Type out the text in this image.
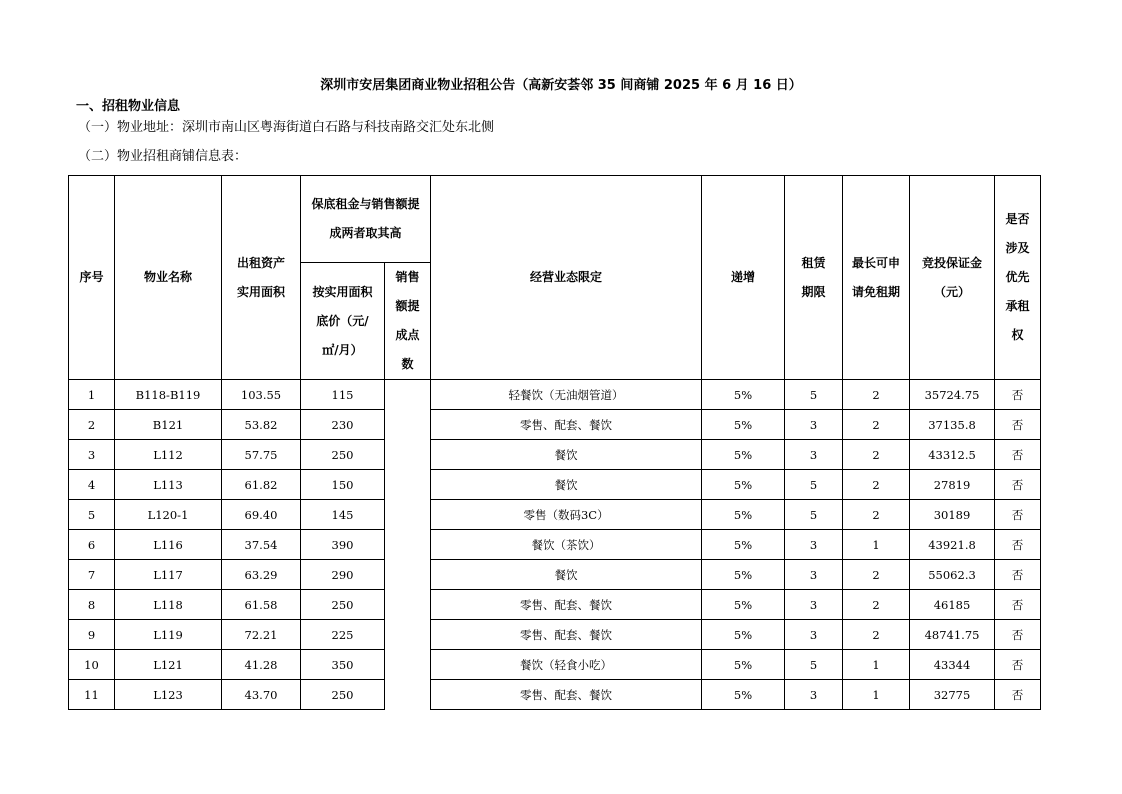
深圳市安居集团商业物业招租公告（高新安荟邻 35 间商铺 2025 年 6 月 16 日）
一、招租物业信息
（一）物业地址：深圳市南山区粤海街道白石路与科技南路交汇处东北侧
（二）物业招租商铺信息表：
序号	物业名称	出租资产实用面积	保底租金与销售额提成两者取其高		经营业态限定	递增	租赁期限	最长可申请免租期	竞投保证金（元）	是否涉及优先承租权
			按实用面积底价（元/㎡/月）	销售额提成点数						
1	B118-B119	103.55	115		轻餐饮（无油烟管道）	5%	5	2	35724.75	否
2	B121	53.82	230		零售、配套、餐饮	5%	3	2	37135.8	否
3	L112	57.75	250		餐饮	5%	3	2	43312.5	否
4	L113	61.82	150		餐饮	5%	5	2	27819	否
5	L120-1	69.40	145		零售（数码3C）	5%	5	2	30189	否
6	L116	37.54	390		餐饮（茶饮）	5%	3	1	43921.8	否
7	L117	63.29	290		餐饮	5%	3	2	55062.3	否
8	L118	61.58	250		零售、配套、餐饮	5%	3	2	46185	否
9	L119	72.21	225		零售、配套、餐饮	5%	3	2	48741.75	否
10	L121	41.28	350		餐饮（轻食小吃）	5%	5	1	43344	否
11	L123	43.70	250		零售、配套、餐饮	5%	3	1	32775	否
